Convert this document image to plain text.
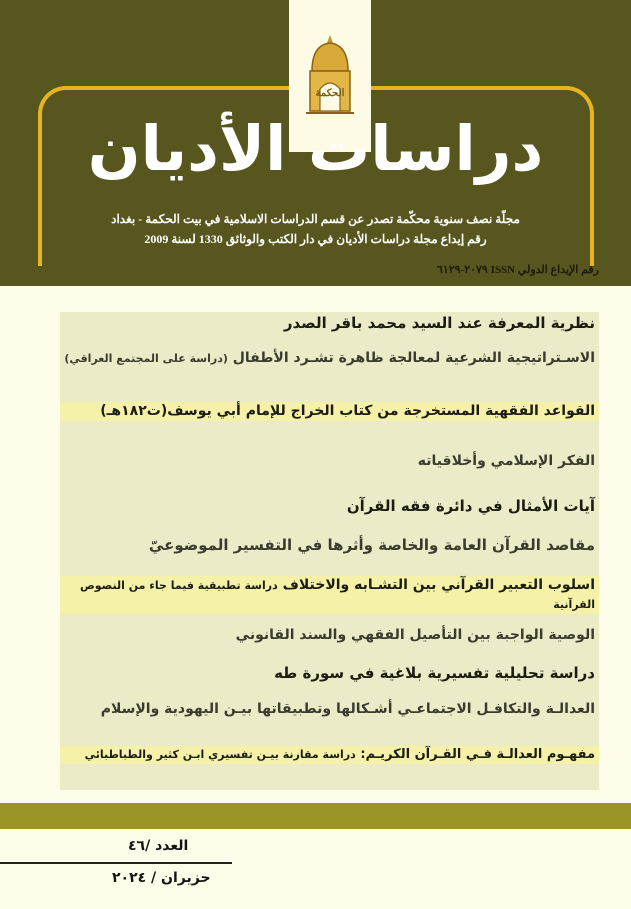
الحكمة
دراسات الأديان
مجلّة نصف سنوية محكّمة تصدر عن قسم الدراسات الاسلامية في بيت الحكمة - بغداد
رقم إيداع مجلة دراسات الأديان في دار الكتب والوثائق 1330 لسنة 2009
رقم الإيداع الدولي ISSN ٢٠٧٩-٦١٢٩
نظرية المعرفة عند السيد محمد باقر الصدر
الاسـتراتيجية الشرعية لمعالجة ظاهرة تشـرد الأطفال (دراسة على المجتمع العراقي)
القواعد الفقهية المستخرجة من كتاب الخراج للإمام أبي يوسف(ت١٨٢هـ)
الفكر الإسلامي وأخلاقياته
آيات الأمثال في دائرة فقه القرآن
مقاصد القرآن العامة والخاصة وأثرها في التفسير الموضوعيّ
اسلوب التعبير القرآني بين التشـابه والاختلاف دراسة تطبيقية فيما جاء من النصوص القرآنية
الوصية الواجبة بين التأصيل الفقهي والسند القانوني
دراسة تحليلية تفسيرية بلاغية في سورة طه
العدالـة والتكافـل الاجتماعـي أشـكالها وتطبيقاتها بيـن اليهودية والإسلام
مفهـوم العدالـة فـي القـرآن الكريـم: دراسة مقارنة بيـن تفسيري ابـن كثير والطباطبائي
العدد /٤٦
حزيران / ٢٠٢٤
